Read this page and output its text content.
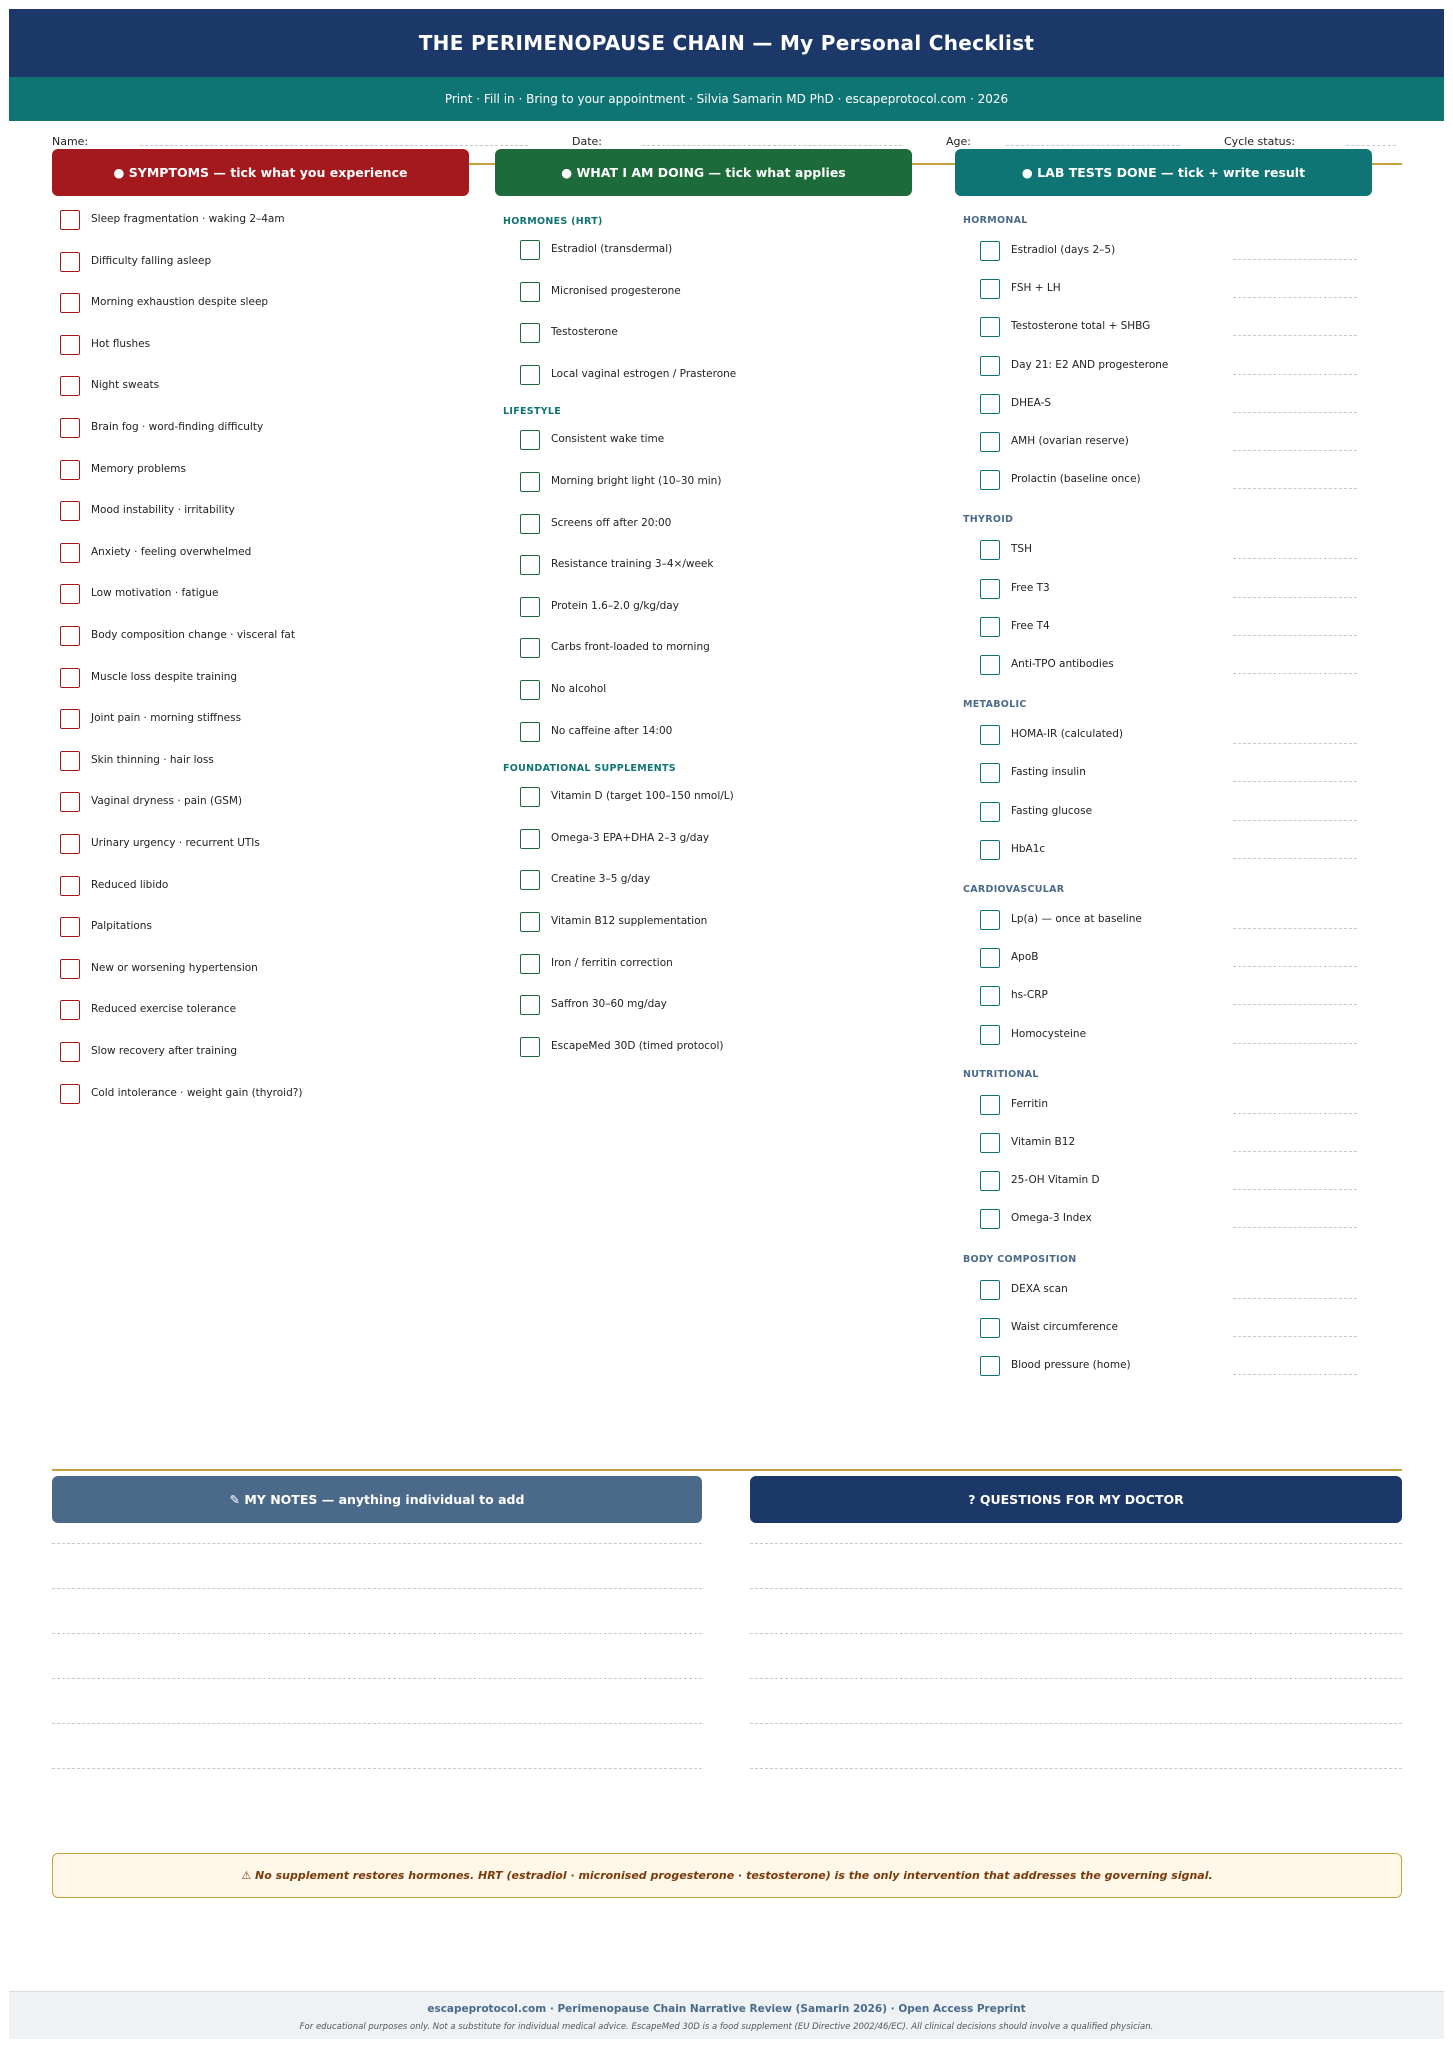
THE PERIMENOPAUSE CHAIN — My Personal Checklist
Print · Fill in · Bring to your appointment · Silvia Samarin MD PhD · escapeprotocol.com · 2026
Name:	Date:	Age:	Cycle status:
● SYMPTOMS — tick what you experience	● WHAT I AM DOING — tick what applies	● LAB TESTS DONE — tick + write result
Sleep fragmentation · waking 2–4am
Difficulty falling asleep
Morning exhaustion despite sleep
Hot flushes
Night sweats
Brain fog · word-finding difficulty
Memory problems
Mood instability · irritability
Anxiety · feeling overwhelmed
Low motivation · fatigue
Body composition change · visceral fat
Muscle loss despite training
Joint pain · morning stiffness
Skin thinning · hair loss
Vaginal dryness · pain (GSM)
Urinary urgency · recurrent UTIs
Reduced libido
Palpitations
New or worsening hypertension
Reduced exercise tolerance
Slow recovery after training
Cold intolerance · weight gain (thyroid?)
HORMONES (HRT)
Estradiol (transdermal)
Micronised progesterone
Testosterone
Local vaginal estrogen / Prasterone
LIFESTYLE
Consistent wake time
Morning bright light (10–30 min)
Screens off after 20:00
Resistance training 3–4×/week
Protein 1.6–2.0 g/kg/day
Carbs front-loaded to morning
No alcohol
No caffeine after 14:00
FOUNDATIONAL SUPPLEMENTS
Vitamin D (target 100–150 nmol/L)
Omega-3 EPA+DHA 2–3 g/day
Creatine 3–5 g/day
Vitamin B12 supplementation
Iron / ferritin correction
Saffron 30–60 mg/day
EscapeMed 30D (timed protocol)
HORMONAL
Estradiol (days 2–5)
FSH + LH
Testosterone total + SHBG
Day 21: E2 AND progesterone
DHEA-S
AMH (ovarian reserve)
Prolactin (baseline once)
THYROID
TSH
Free T3
Free T4
Anti-TPO antibodies
METABOLIC
HOMA-IR (calculated)
Fasting insulin
Fasting glucose
HbA1c
CARDIOVASCULAR
Lp(a) — once at baseline
ApoB
hs-CRP
Homocysteine
NUTRITIONAL
Ferritin
Vitamin B12
25-OH Vitamin D
Omega-3 Index
BODY COMPOSITION
DEXA scan
Waist circumference
Blood pressure (home)
✎ MY NOTES — anything individual to add	? QUESTIONS FOR MY DOCTOR
⚠ No supplement restores hormones. HRT (estradiol · micronised progesterone · testosterone) is the only intervention that addresses the governing signal.
escapeprotocol.com · Perimenopause Chain Narrative Review (Samarin 2026) · Open Access Preprint
For educational purposes only. Not a substitute for individual medical advice. EscapeMed 30D is a food supplement (EU Directive 2002/46/EC). All clinical decisions should involve a qualified physician.
